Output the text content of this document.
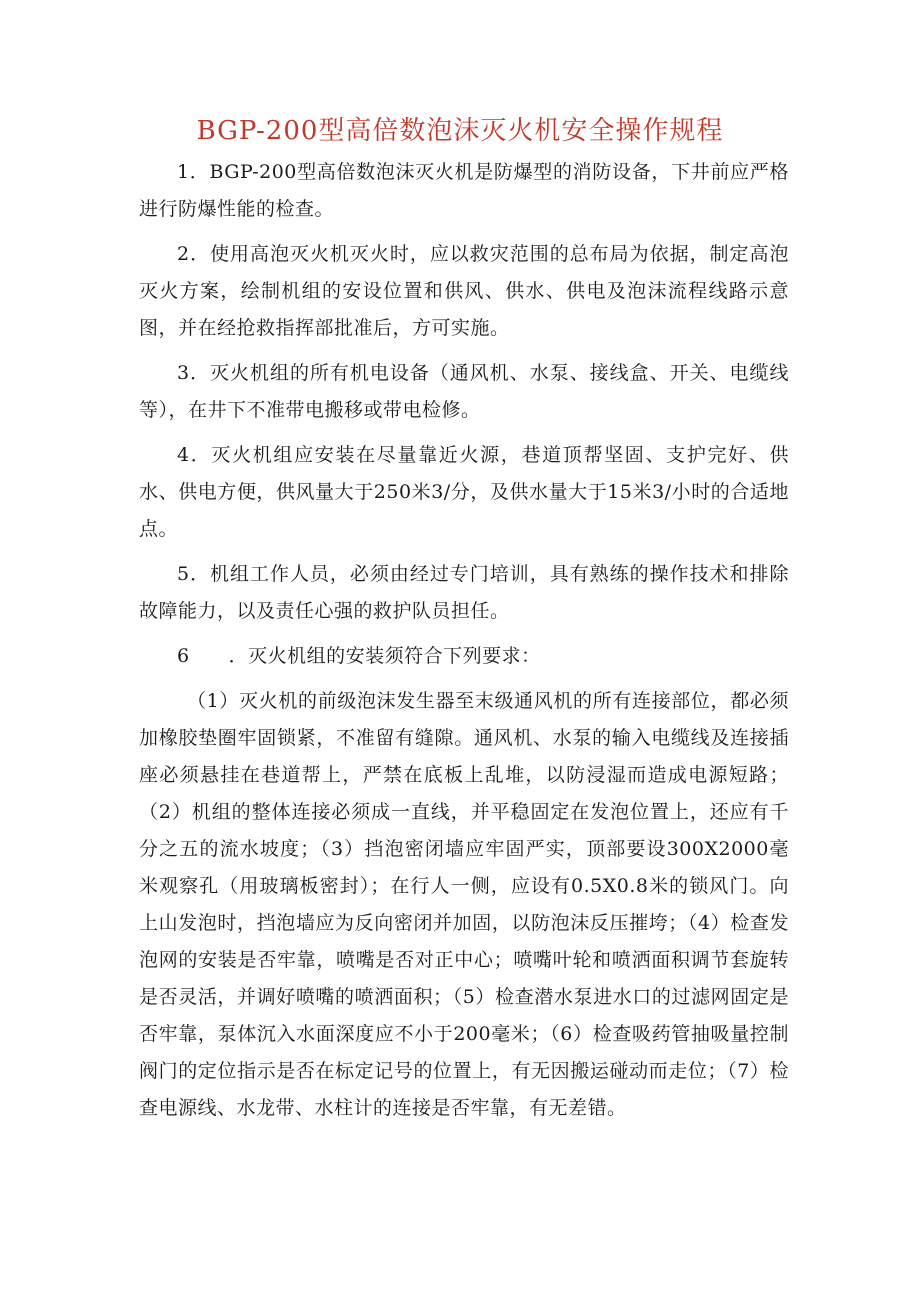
BGP-200型高倍数泡沫灭火机安全操作规程

1．BGP-200型高倍数泡沫灭火机是防爆型的消防设备，下井前应严格进行防爆性能的检查。

2．使用高泡灭火机灭火时，应以救灾范围的总布局为依据，制定高泡灭火方案，绘制机组的安设位置和供风、供水、供电及泡沫流程线路示意图，并在经抢救指挥部批准后，方可实施。

3．灭火机组的所有机电设备（通风机、水泵、接线盒、开关、电缆线等），在井下不准带电搬移或带电检修。

4．灭火机组应安装在尽量靠近火源，巷道顶帮坚固、支护完好、供水、供电方便，供风量大于250米3/分，及供水量大于15米3/小时的合适地点。

5．机组工作人员，必须由经过专门培训，具有熟练的操作技术和排除故障能力，以及责任心强的救护队员担任。

6　　．灭火机组的安装须符合下列要求：

（1）灭火机的前级泡沫发生器至末级通风机的所有连接部位，都必须加橡胶垫圈牢固锁紧，不准留有缝隙。通风机、水泵的输入电缆线及连接插座必须悬挂在巷道帮上，严禁在底板上乱堆，以防浸湿而造成电源短路；（2）机组的整体连接必须成一直线，并平稳固定在发泡位置上，还应有千分之五的流水坡度；（3）挡泡密闭墙应牢固严实，顶部要设300X2000毫米观察孔（用玻璃板密封）；在行人一侧，应设有0.5X0.8米的锁风门。向上山发泡时，挡泡墙应为反向密闭并加固，以防泡沫反压摧垮；（4）检查发泡网的安装是否牢靠，喷嘴是否对正中心；喷嘴叶轮和喷洒面积调节套旋转是否灵活，并调好喷嘴的喷洒面积；（5）检查潜水泵进水口的过滤网固定是否牢靠，泵体沉入水面深度应不小于200毫米；（6）检查吸药管抽吸量控制阀门的定位指示是否在标定记号的位置上，有无因搬运碰动而走位；（7）检查电源线、水龙带、水柱计的连接是否牢靠，有无差错。
